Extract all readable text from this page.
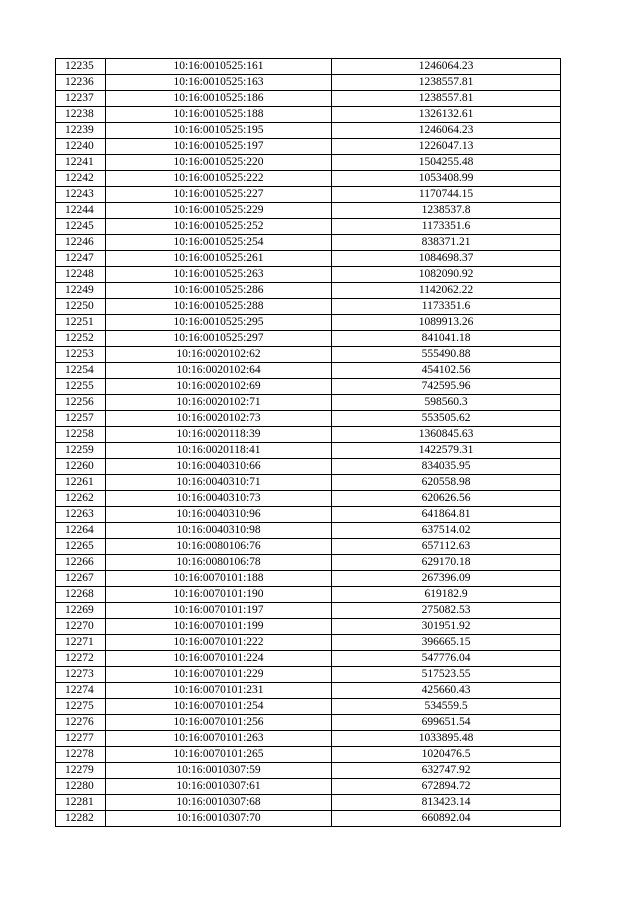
12235	10:16:0010525:161	1246064.23
12236	10:16:0010525:163	1238557.81
12237	10:16:0010525:186	1238557.81
12238	10:16:0010525:188	1326132.61
12239	10:16:0010525:195	1246064.23
12240	10:16:0010525:197	1226047.13
12241	10:16:0010525:220	1504255.48
12242	10:16:0010525:222	1053408.99
12243	10:16:0010525:227	1170744.15
12244	10:16:0010525:229	1238537.8
12245	10:16:0010525:252	1173351.6
12246	10:16:0010525:254	838371.21
12247	10:16:0010525:261	1084698.37
12248	10:16:0010525:263	1082090.92
12249	10:16:0010525:286	1142062.22
12250	10:16:0010525:288	1173351.6
12251	10:16:0010525:295	1089913.26
12252	10:16:0010525:297	841041.18
12253	10:16:0020102:62	555490.88
12254	10:16:0020102:64	454102.56
12255	10:16:0020102:69	742595.96
12256	10:16:0020102:71	598560.3
12257	10:16:0020102:73	553505.62
12258	10:16:0020118:39	1360845.63
12259	10:16:0020118:41	1422579.31
12260	10:16:0040310:66	834035.95
12261	10:16:0040310:71	620558.98
12262	10:16:0040310:73	620626.56
12263	10:16:0040310:96	641864.81
12264	10:16:0040310:98	637514.02
12265	10:16:0080106:76	657112.63
12266	10:16:0080106:78	629170.18
12267	10:16:0070101:188	267396.09
12268	10:16:0070101:190	619182.9
12269	10:16:0070101:197	275082.53
12270	10:16:0070101:199	301951.92
12271	10:16:0070101:222	396665.15
12272	10:16:0070101:224	547776.04
12273	10:16:0070101:229	517523.55
12274	10:16:0070101:231	425660.43
12275	10:16:0070101:254	534559.5
12276	10:16:0070101:256	699651.54
12277	10:16:0070101:263	1033895.48
12278	10:16:0070101:265	1020476.5
12279	10:16:0010307:59	632747.92
12280	10:16:0010307:61	672894.72
12281	10:16:0010307:68	813423.14
12282	10:16:0010307:70	660892.04
